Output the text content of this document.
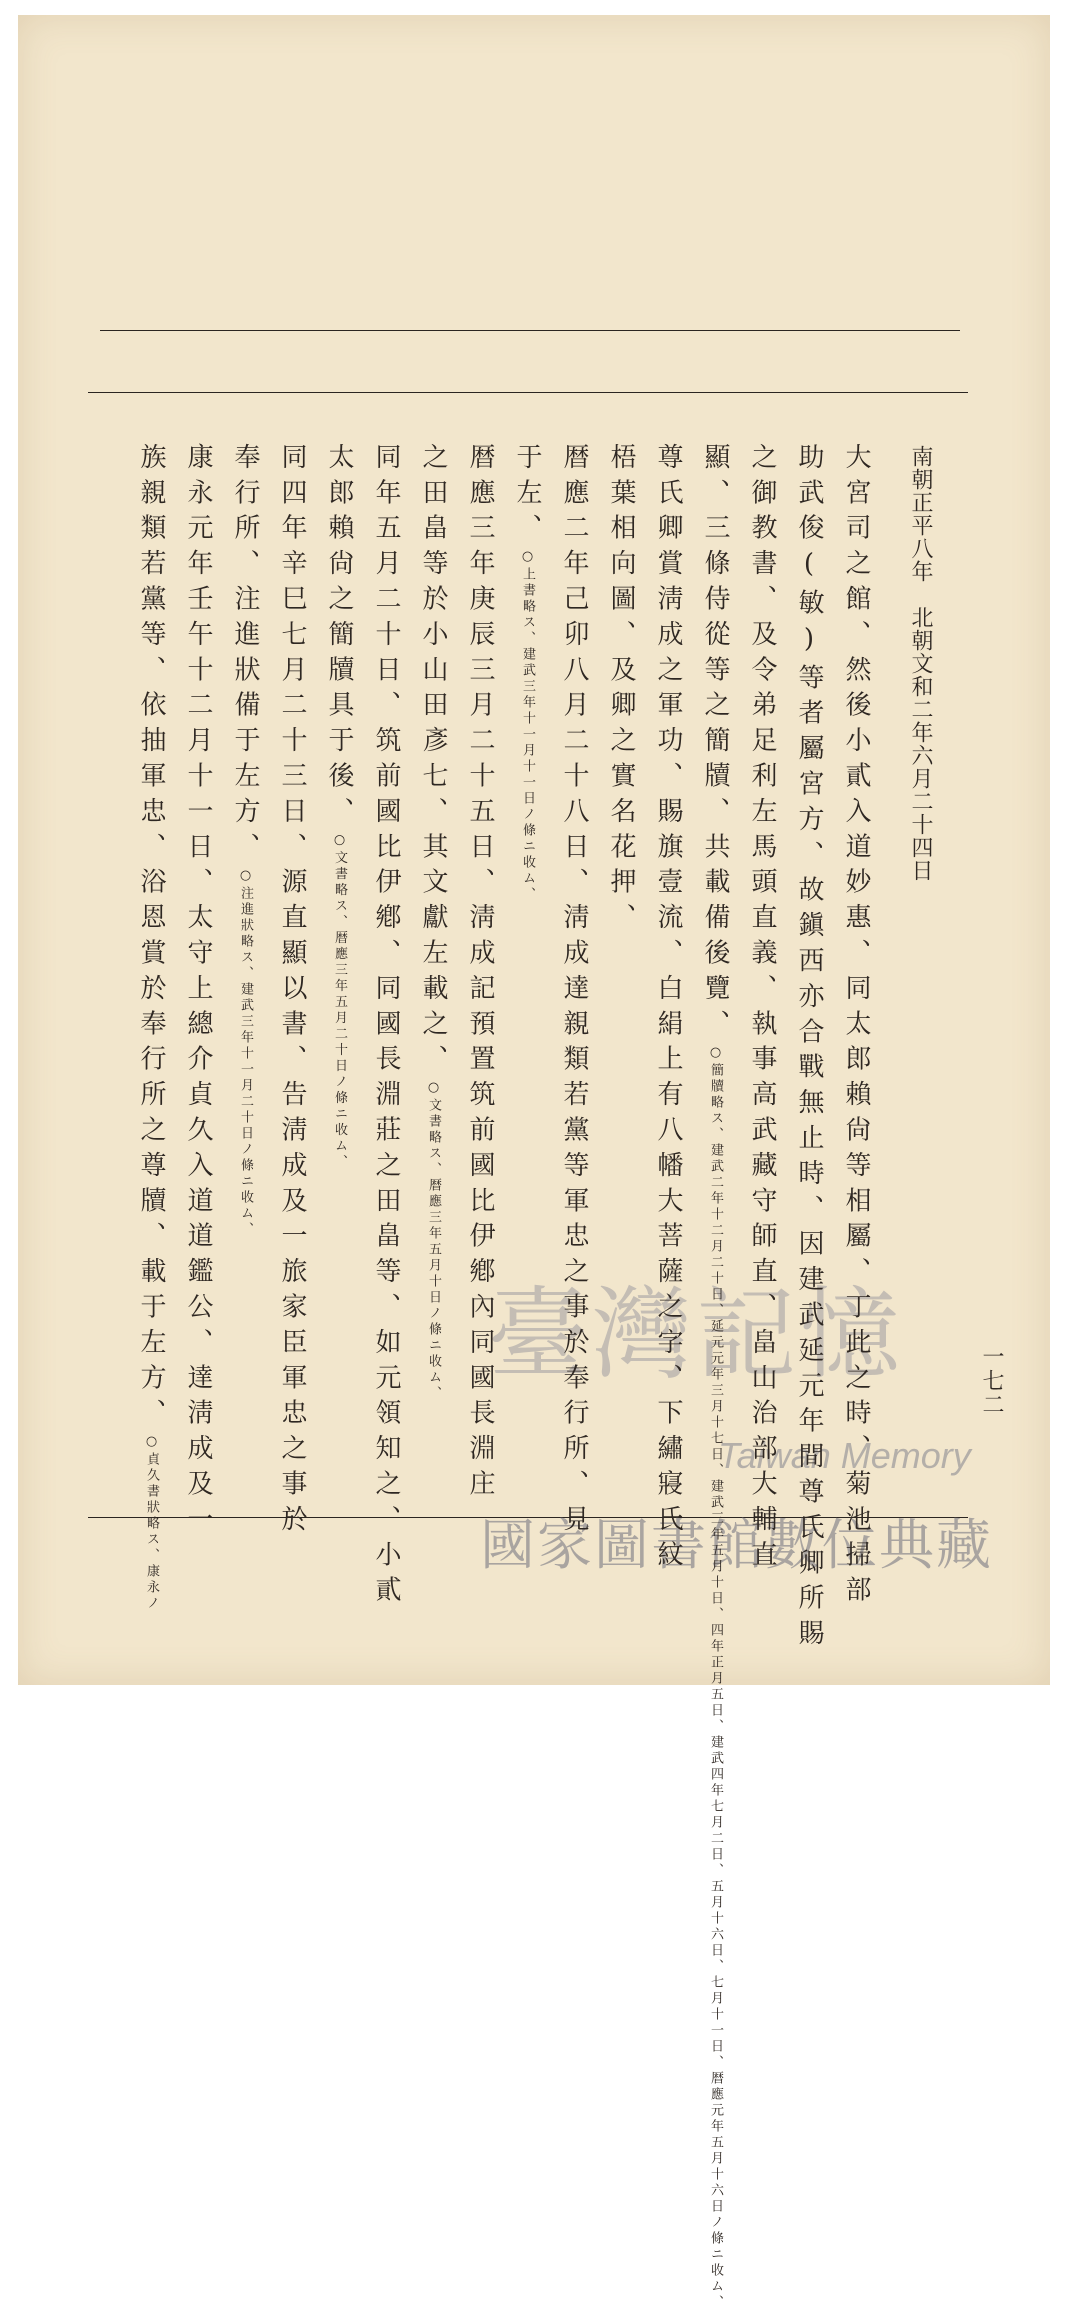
臺灣記憶
Taiwan Memory
國家圖書館數位典藏
南朝正平八年　北朝文和二年六月二十四日
一七二
大宮司之館、然後小貳入道妙惠、同太郎賴尙等相屬、丁此之時、菊池掃部
助武俊(敏)等者屬宮方、故鎭西亦合戰無止時、因建武延元年間尊氏卿所賜
之御教書、及令弟足利左馬頭直義、執事高武藏守師直、畠山治部大輔直
顯、三條侍從等之簡牘、共載備後覽、○簡牘略ス、建武二年十二月二十日、延元元年三月十七日、建武三年五月十日、四年正月五日、建武四年七月二日、五月十六日、七月十一日、暦應元年五月十六日ノ條ニ收ム、
尊氏卿賞淸成之軍功、賜旗壹流、白絹上有八幡大菩薩之字、下繡寢氏紋
梧葉相向圖、及卿之實名花押、
暦應二年己卯八月二十八日、淸成達親類若黨等軍忠之事於奉行所、見
于左、○上書略ス、建武三年十一月十一日ノ條ニ收ム、
暦應三年庚辰三月二十五日、淸成記預置筑前國比伊鄕內同國長淵庄
之田畠等於小山田彥七、其文獻左載之、○文書略ス、暦應三年五月十日ノ條ニ收ム、
同年五月二十日、筑前國比伊鄕、同國長淵莊之田畠等、如元領知之、小貳
太郎賴尙之簡牘具于後、○文書略ス、暦應三年五月二十日ノ條ニ收ム、
同四年辛巳七月二十三日、源直顯以書、告淸成及一旅家臣軍忠之事於
奉行所、注進狀備于左方、○注進狀略ス、建武三年十一月二十日ノ條ニ收ム、
康永元年壬午十二月十一日、太守上總介貞久入道道鑑公、達淸成及一
族親類若黨等、依抽軍忠、浴恩賞於奉行所之尊牘、載于左方、○貞久書狀略ス、康永ノ
